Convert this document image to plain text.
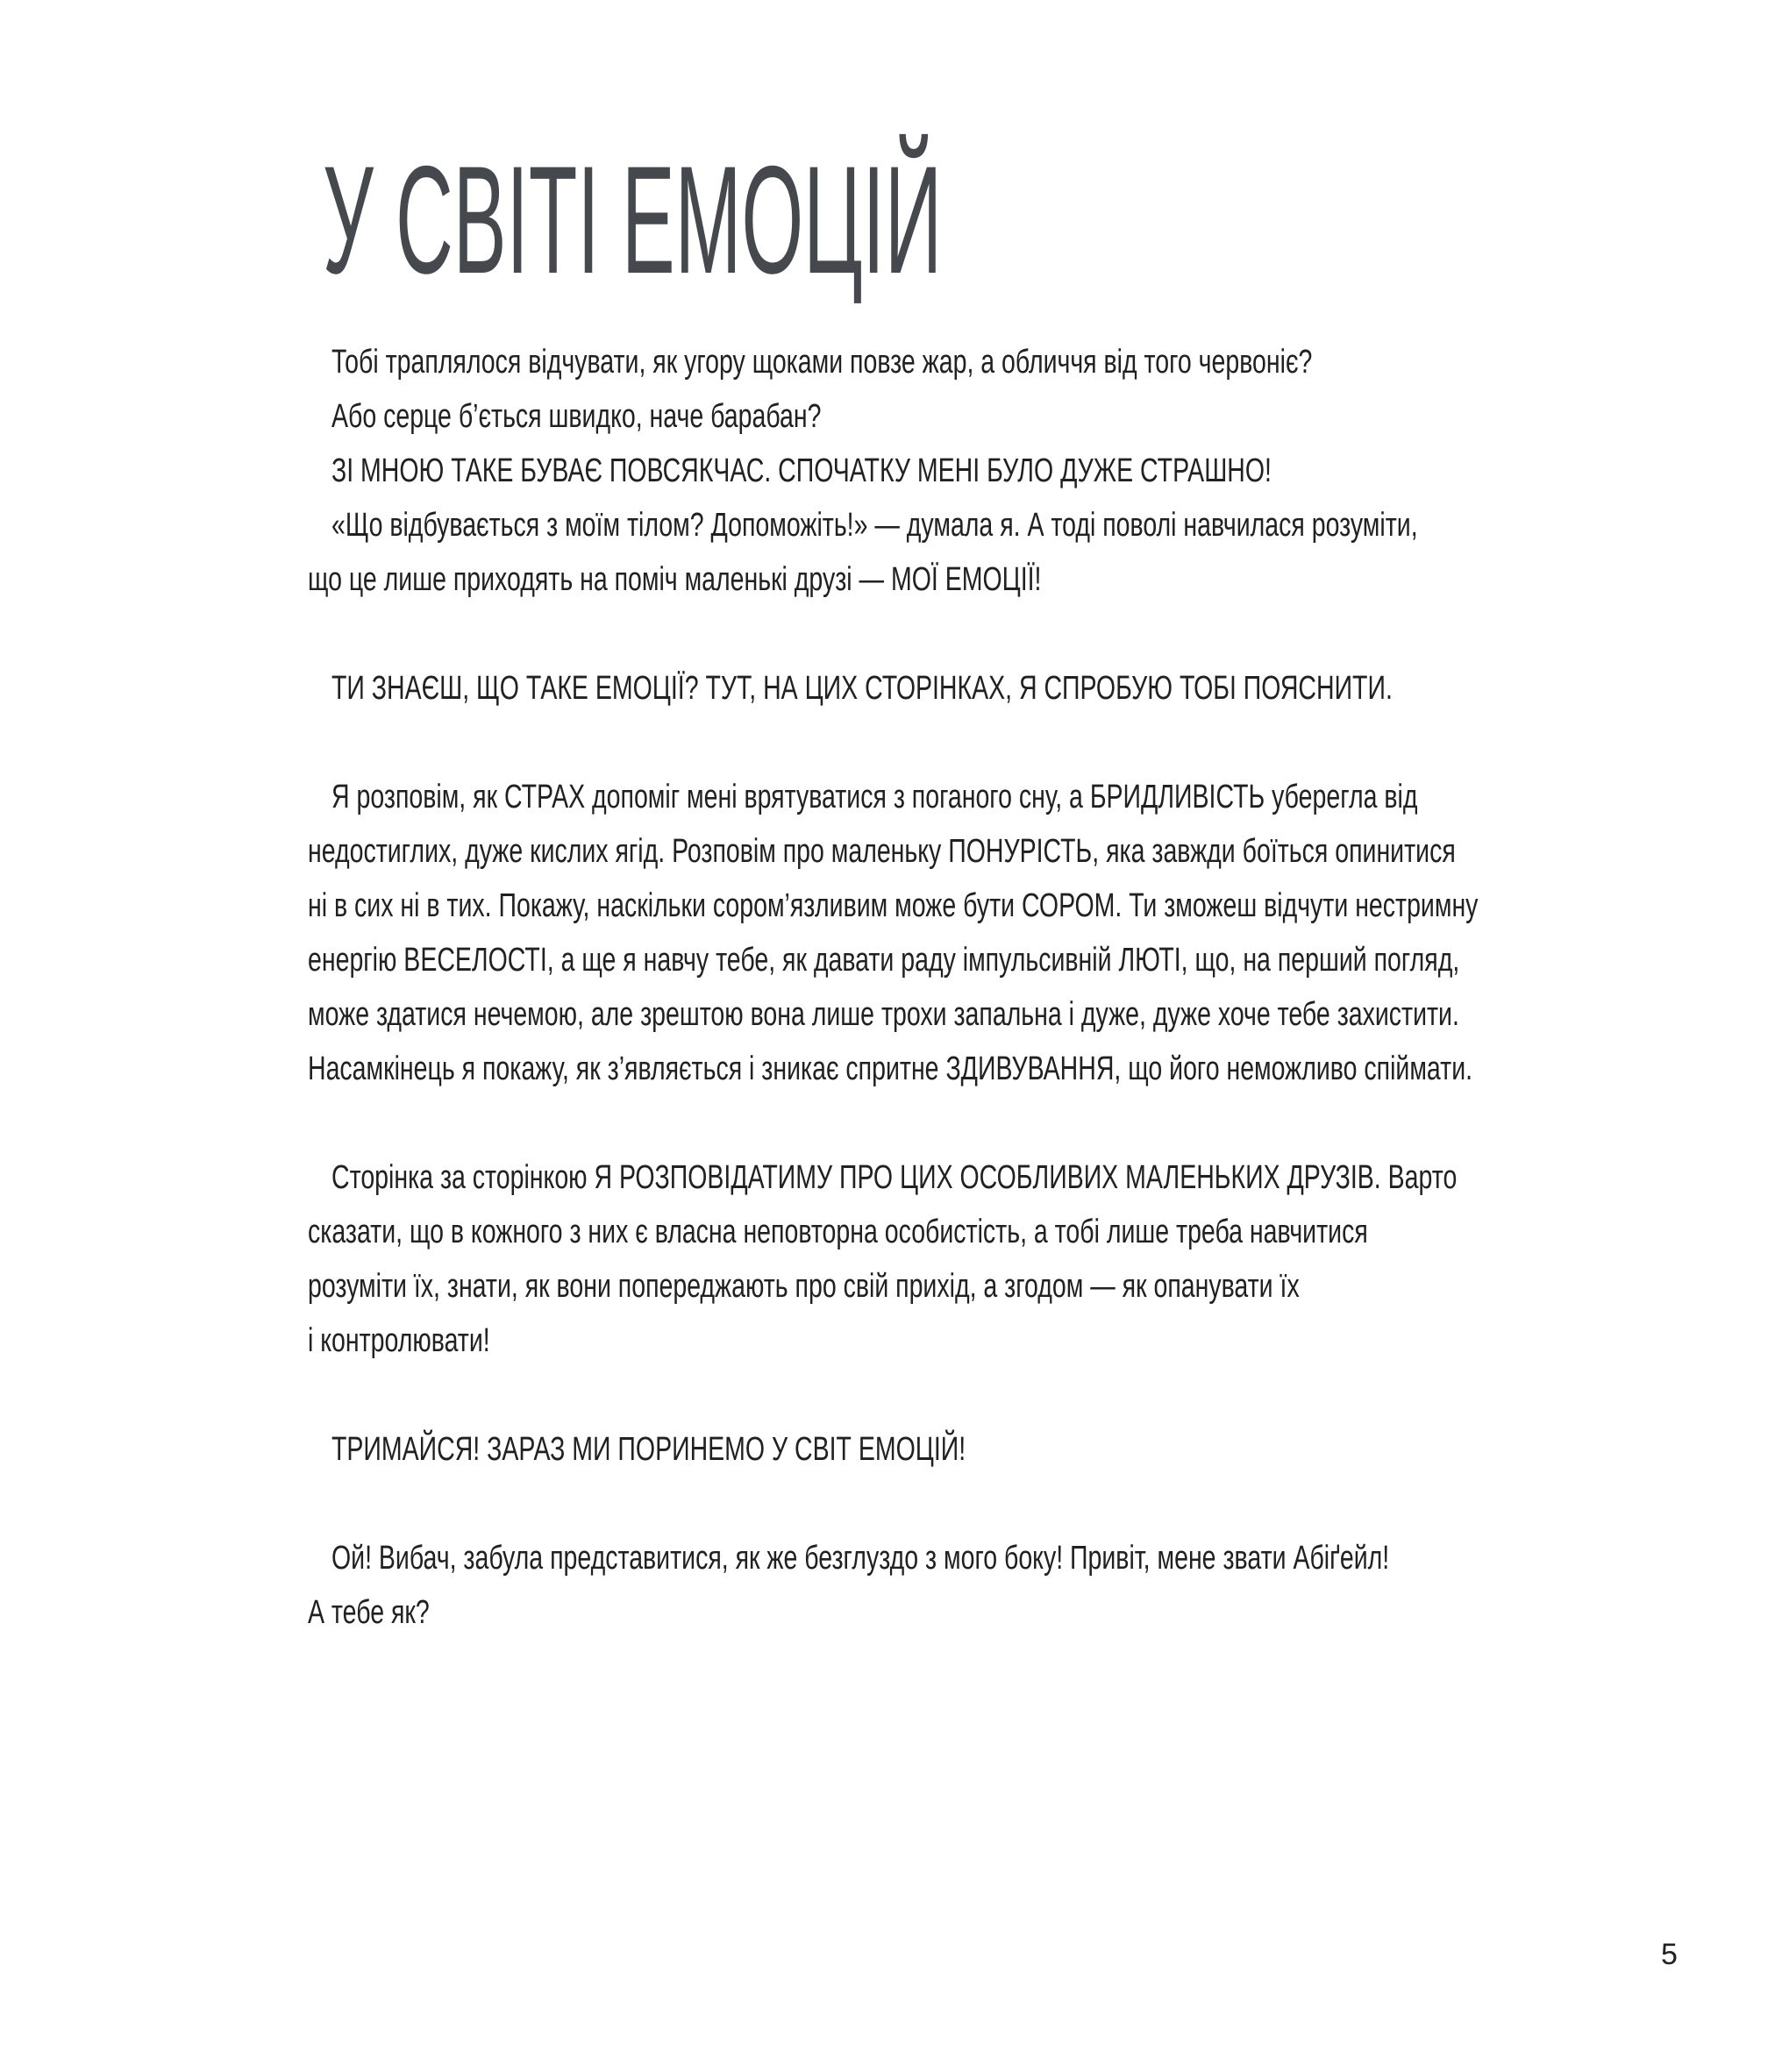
У СВІТІ ЕМОЦІЙ
Тобі траплялося відчувати, як угору щоками повзе жар, а обличчя від того червоніє?
Або серце б’ється швидко, наче барабан?
ЗІ МНОЮ ТАКЕ БУВАЄ ПОВСЯКЧАС. СПОЧАТКУ МЕНІ БУЛО ДУЖЕ СТРАШНО!
«Що відбувається з моїм тілом? Допоможіть!» — думала я. А тоді поволі навчилася розуміти,
що це лише приходять на поміч маленькі друзі — МОЇ ЕМОЦІЇ!
ТИ ЗНАЄШ, ЩО ТАКЕ ЕМОЦІЇ? ТУТ, НА ЦИХ СТОРІНКАХ, Я СПРОБУЮ ТОБІ ПОЯСНИТИ.
Я розповім, як СТРАХ допоміг мені врятуватися з поганого сну, а БРИДЛИВІСТЬ уберегла від
недостиглих, дуже кислих ягід. Розповім про маленьку ПОНУРІСТЬ, яка завжди боїться опинитися
ні в сих ні в тих. Покажу, наскільки сором’язливим може бути СОРОМ. Ти зможеш відчути нестримну
енергію ВЕСЕЛОСТІ, а ще я навчу тебе, як давати раду імпульсивній ЛЮТІ, що, на перший погляд,
може здатися нечемою, але зрештою вона лише трохи запальна і дуже, дуже хоче тебе захистити.
Насамкінець я покажу, як з’являється і зникає спритне ЗДИВУВАННЯ, що його неможливо спіймати.
Сторінка за сторінкою Я РОЗПОВІДАТИМУ ПРО ЦИХ ОСОБЛИВИХ МАЛЕНЬКИХ ДРУЗІВ. Варто
сказати, що в кожного з них є власна неповторна особистість, а тобі лише треба навчитися
розуміти їх, знати, як вони попереджають про свій прихід, а згодом — як опанувати їх
і контролювати!
ТРИМАЙСЯ! ЗАРАЗ МИ ПОРИНЕМО У СВІТ ЕМОЦІЙ!
Ой! Вибач, забула представитися, як же безглуздо з мого боку! Привіт, мене звати Абіґейл!
А тебе як?
5
